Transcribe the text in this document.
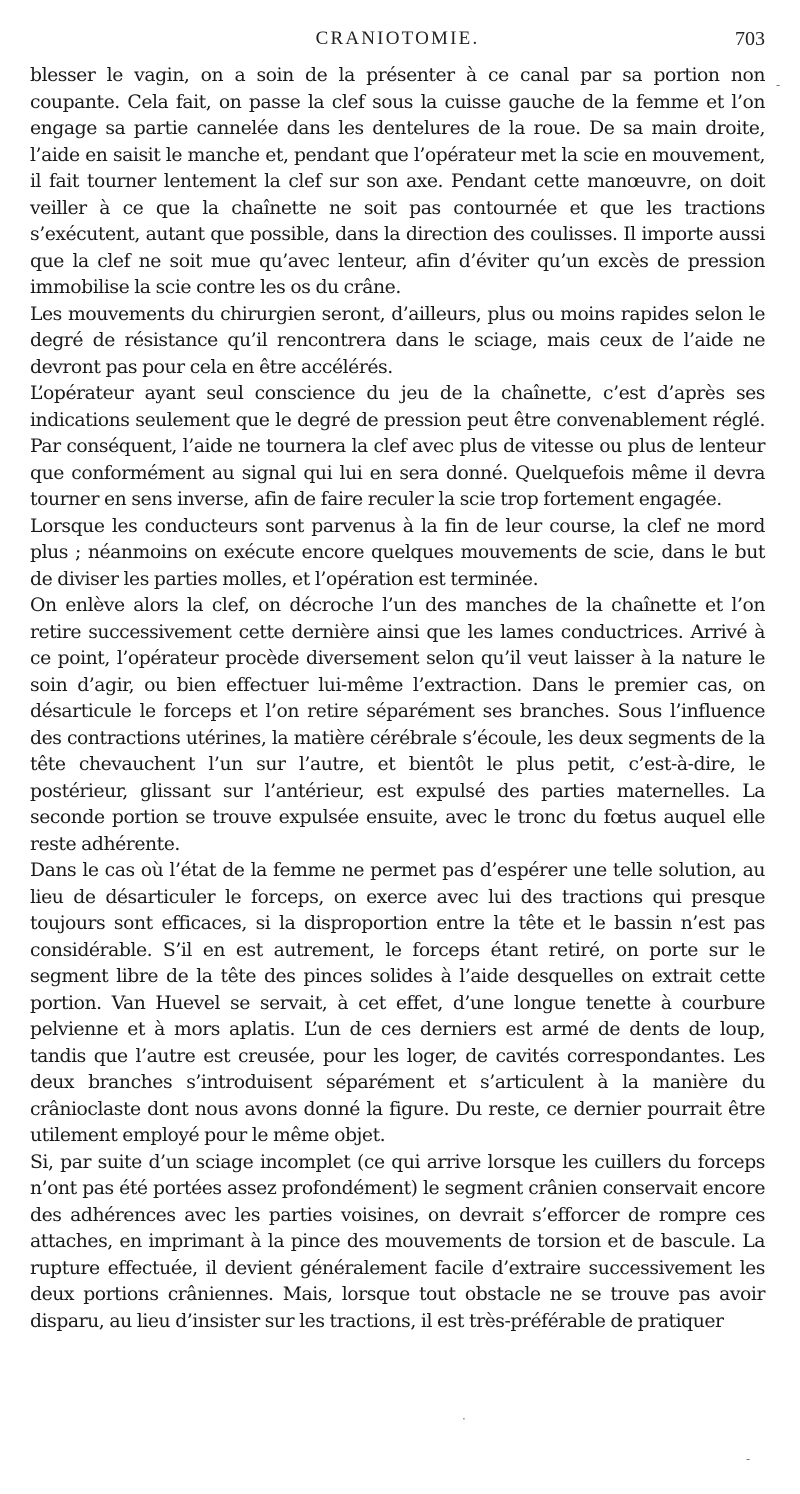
CRANIOTOMIE.	703

blesser le vagin, on a soin de la présenter à ce canal par sa portion non coupante. Cela fait, on passe la clef sous la cuisse gauche de la femme et l’on engage sa partie cannelée dans les dentelures de la roue. De sa main droite, l’aide en saisit le manche et, pendant que l’opérateur met la scie en mouvement, il fait tourner lentement la clef sur son axe. Pendant cette manœuvre, on doit veiller à ce que la chaînette ne soit pas contournée et que les tractions s’exécutent, autant que possible, dans la direction des coulisses. Il importe aussi que la clef ne soit mue qu’avec lenteur, afin d’éviter qu’un excès de pression immobilise la scie contre les os du crâne.

Les mouvements du chirurgien seront, d’ailleurs, plus ou moins rapides selon le degré de résistance qu’il rencontrera dans le sciage, mais ceux de l’aide ne devront pas pour cela en être accélérés.

L’opérateur ayant seul conscience du jeu de la chaînette, c’est d’après ses indications seulement que le degré de pression peut être convenablement réglé. Par conséquent, l’aide ne tournera la clef avec plus de vitesse ou plus de lenteur que conformément au signal qui lui en sera donné. Quelquefois même il devra tourner en sens inverse, afin de faire reculer la scie trop fortement engagée.

Lorsque les conducteurs sont parvenus à la fin de leur course, la clef ne mord plus ; néanmoins on exécute encore quelques mouvements de scie, dans le but de diviser les parties molles, et l’opération est terminée.

On enlève alors la clef, on décroche l’un des manches de la chaînette et l’on retire successivement cette dernière ainsi que les lames conductrices. Arrivé à ce point, l’opérateur procède diversement selon qu’il veut laisser à la nature le soin d’agir, ou bien effectuer lui-même l’extraction. Dans le premier cas, on désarticule le forceps et l’on retire séparément ses branches. Sous l’influence des contractions utérines, la matière cérébrale s’écoule, les deux segments de la tête chevauchent l’un sur l’autre, et bientôt le plus petit, c’est-à-dire, le postérieur, glissant sur l’antérieur, est expulsé des parties maternelles. La seconde portion se trouve expulsée ensuite, avec le tronc du fœtus auquel elle reste adhérente.

Dans le cas où l’état de la femme ne permet pas d’espérer une telle solution, au lieu de désarticuler le forceps, on exerce avec lui des tractions qui presque toujours sont efficaces, si la disproportion entre la tête et le bassin n’est pas considérable. S’il en est autrement, le forceps étant retiré, on porte sur le segment libre de la tête des pinces solides à l’aide desquelles on extrait cette portion. Van Huevel se servait, à cet effet, d’une longue tenette à courbure pelvienne et à mors aplatis. L’un de ces derniers est armé de dents de loup, tandis que l’autre est creusée, pour les loger, de cavités correspondantes. Les deux branches s’introduisent séparément et s’articulent à la manière du crânioclaste dont nous avons donné la figure. Du reste, ce dernier pourrait être utilement employé pour le même objet.

Si, par suite d’un sciage incomplet (ce qui arrive lorsque les cuillers du forceps n’ont pas été portées assez profondément) le segment crânien conservait encore des adhérences avec les parties voisines, on devrait s’efforcer de rompre ces attaches, en imprimant à la pince des mouvements de torsion et de bascule. La rupture effectuée, il devient généralement facile d’extraire successivement les deux portions crâniennes. Mais, lorsque tout obstacle ne se trouve pas avoir disparu, au lieu d’insister sur les tractions, il est très-préférable de pratiquer

-
·
-
